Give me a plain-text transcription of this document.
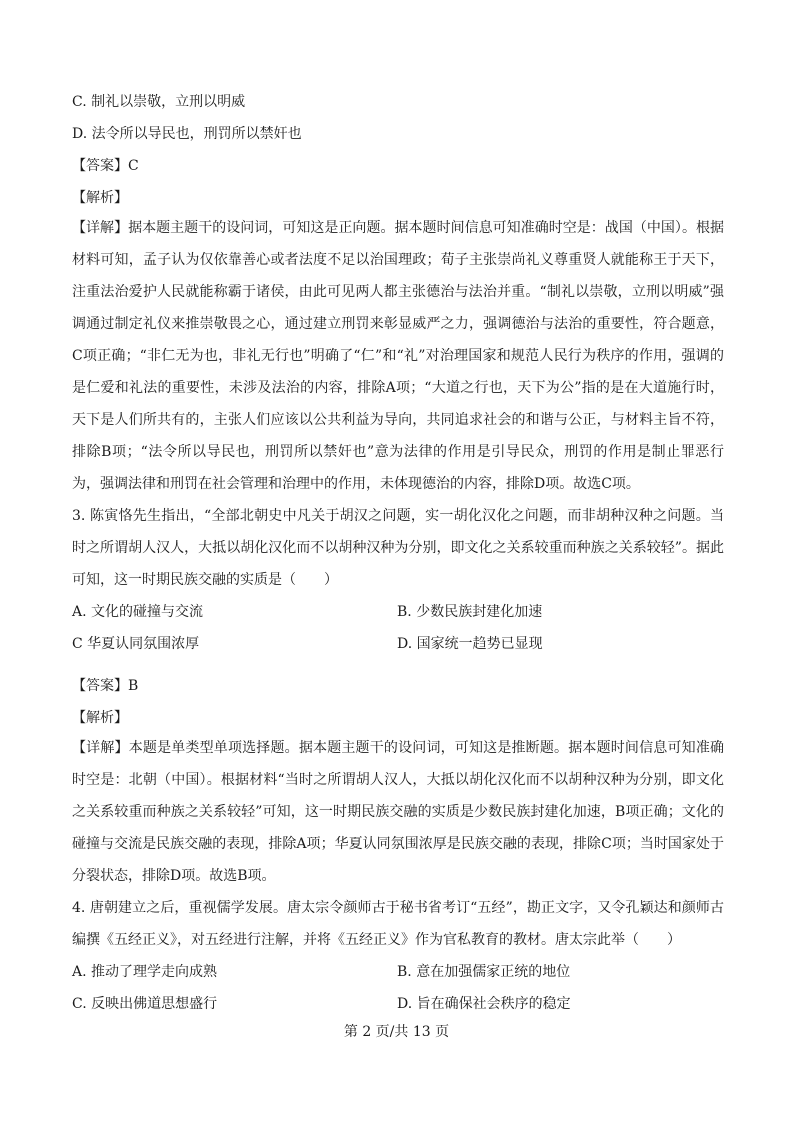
C. 制礼以崇敬，立刑以明威
D. 法令所以导民也，刑罚所以禁奸也
【答案】C
【解析】

【详解】据本题主题干的设问词，可知这是正向题。据本题时间信息可知准确时空是：战国（中国）。根据材料可知，孟子认为仅依靠善心或者法度不足以治国理政；荀子主张崇尚礼义尊重贤人就能称王于天下，注重法治爱护人民就能称霸于诸侯，由此可见两人都主张德治与法治并重。“制礼以崇敬，立刑以明威”强调通过制定礼仪来推崇敬畏之心，通过建立刑罚来彰显威严之力，强调德治与法治的重要性，符合题意，C项正确；“非仁无为也，非礼无行也”明确了“仁”和“礼”对治理国家和规范人民行为秩序的作用，强调的是仁爱和礼法的重要性，未涉及法治的内容，排除A项；“大道之行也，天下为公”指的是在大道施行时，天下是人们所共有的，主张人们应该以公共利益为导向，共同追求社会的和谐与公正，与材料主旨不符，排除B项；“法令所以导民也，刑罚所以禁奸也”意为法律的作用是引导民众，刑罚的作用是制止罪恶行为，强调法律和刑罚在社会管理和治理中的作用，未体现德治的内容，排除D项。故选C项。

3. 陈寅恪先生指出，“全部北朝史中凡关于胡汉之问题，实一胡化汉化之问题，而非胡种汉种之问题。当时之所谓胡人汉人，大抵以胡化汉化而不以胡种汉种为分别，即文化之关系较重而种族之关系较轻”。据此可知，这一时期民族交融的实质是（　　）

A. 文化的碰撞与交流	B. 少数民族封建化加速
C 华夏认同氛围浓厚	D. 国家统一趋势已显现
【答案】B
【解析】

【详解】本题是单类型单项选择题。据本题主题干的设问词，可知这是推断题。据本题时间信息可知准确时空是：北朝（中国）。根据材料“当时之所谓胡人汉人，大抵以胡化汉化而不以胡种汉种为分别，即文化之关系较重而种族之关系较轻”可知，这一时期民族交融的实质是少数民族封建化加速，B项正确；文化的碰撞与交流是民族交融的表现，排除A项；华夏认同氛围浓厚是民族交融的表现，排除C项；当时国家处于分裂状态，排除D项。故选B项。

4. 唐朝建立之后，重视儒学发展。唐太宗令颜师古于秘书省考订“五经”，勘正文字，又令孔颖达和颜师古编撰《五经正义》，对五经进行注解，并将《五经正义》作为官私教育的教材。唐太宗此举（　　）

A. 推动了理学走向成熟	B. 意在加强儒家正统的地位
C. 反映出佛道思想盛行	D. 旨在确保社会秩序的稳定
第 2 页/共 13 页
